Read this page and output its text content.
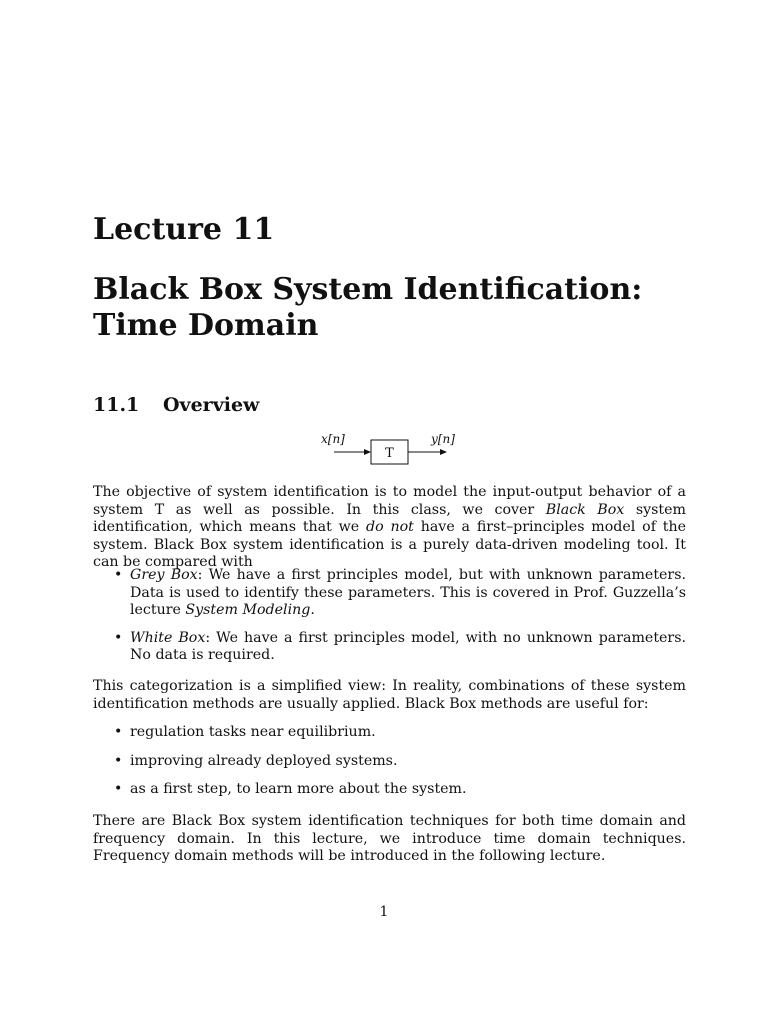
Lecture 11
Black Box System Identification:
Time Domain
11.1 Overview
x[n]
T
y[n]

The objective of system identification is to model the input-output behavior of a system T as well as possible. In this class, we cover Black Box system identification, which means that we do not have a first–principles model of the system. Black Box system identification is a purely data-driven modeling tool. It can be compared with

• Grey Box: We have a first principles model, but with unknown parameters. Data is used to identify these parameters. This is covered in Prof. Guzzella’s lecture System Modeling.
• White Box: We have a first principles model, with no unknown parameters. No data is required.

This categorization is a simplified view: In reality, combinations of these system identification methods are usually applied. Black Box methods are useful for:

• regulation tasks near equilibrium.
• improving already deployed systems.
• as a first step, to learn more about the system.

There are Black Box system identification techniques for both time domain and frequency domain. In this lecture, we introduce time domain techniques. Frequency domain methods will be introduced in the following lecture.

1
